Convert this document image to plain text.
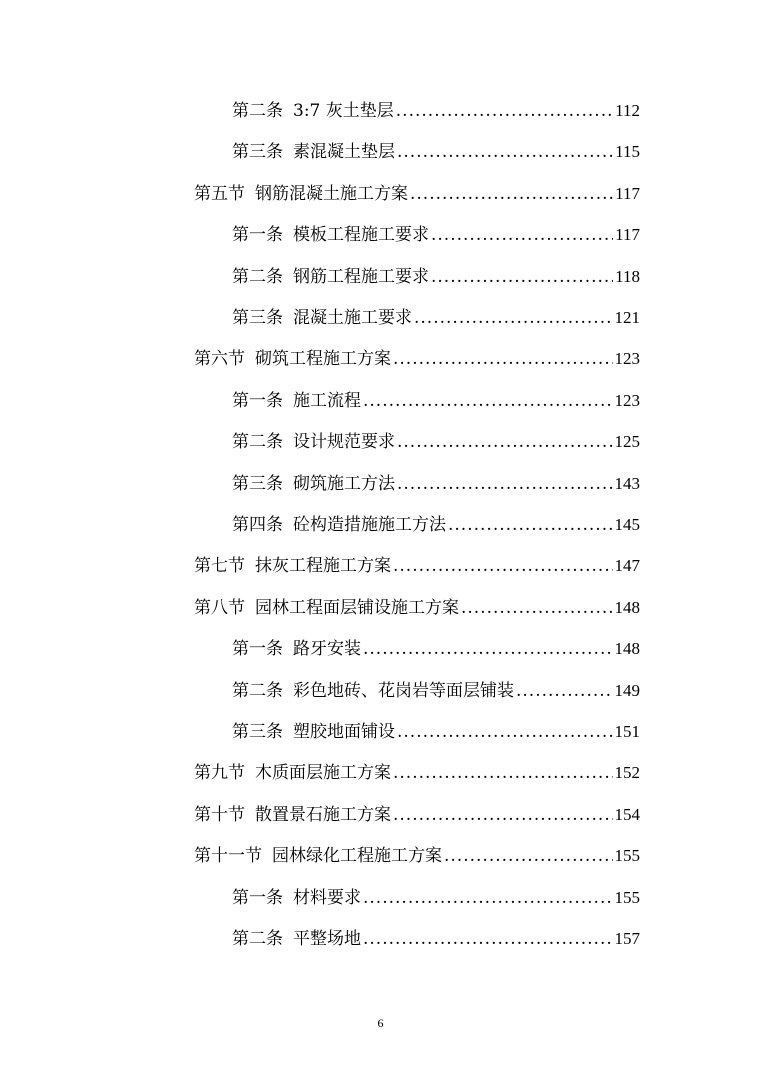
第二条 3:7 灰土垫层 .....	112
第三条 素混凝土垫层 .....	115
第五节 钢筋混凝土施工方案 .....	117
第一条 模板工程施工要求 .....	117
第二条 钢筋工程施工要求 .....	118
第三条 混凝土施工要求 .....	121
第六节 砌筑工程施工方案 .....	123
第一条 施工流程 .....	123
第二条 设计规范要求 .....	125
第三条 砌筑施工方法 .....	143
第四条 砼构造措施施工方法 .....	145
第七节 抹灰工程施工方案 .....	147
第八节 园林工程面层铺设施工方案 .....	148
第一条 路牙安装 .....	148
第二条 彩色地砖、花岗岩等面层铺装 .....	149
第三条 塑胶地面铺设 .....	151
第九节 木质面层施工方案 .....	152
第十节 散置景石施工方案 .....	154
第十一节 园林绿化工程施工方案 .....	155
第一条 材料要求 .....	155
第二条 平整场地 .....	157
6
